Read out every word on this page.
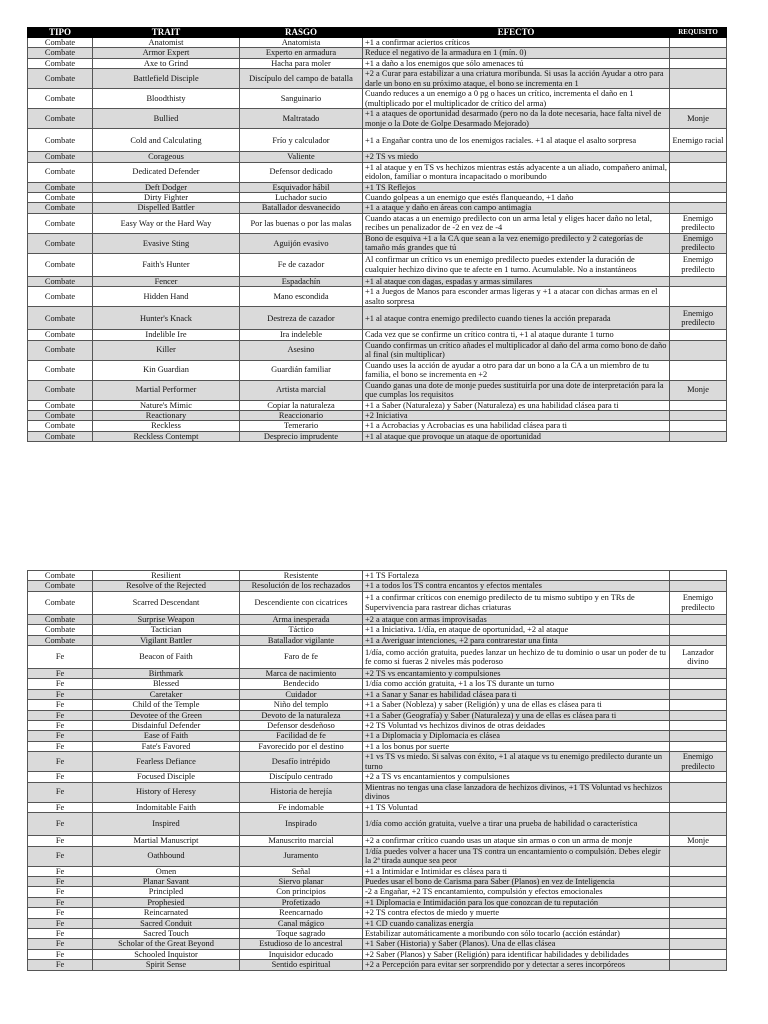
TIPO	TRAIT	RASGO	EFECTO	REQUISITO
Combate	Anatomist	Anatomista	+1 a confirmar aciertos críticos	
Combate	Armor Expert	Experto en armadura	Reduce el negativo de la armadura en 1 (mín. 0)	
Combate	Axe to Grind	Hacha para moler	+1 a daño a los enemigos que sólo amenaces tú	
Combate	Battlefield Disciple	Discípulo del campo de batalla	+2 a Curar para estabilizar a una criatura moribunda. Si usas la acción Ayudar a otro para darle un bono en su próximo ataque, el bono se incrementa en 1	
Combate	Bloodthisty	Sanguinario	Cuando reduces a un enemigo a 0 pg o haces un crítico, incrementa el daño en 1 (multiplicado por el multiplicador de crítico del arma)	
Combate	Bullied	Maltratado	+1 a ataques de oportunidad desarmado (pero no da la dote necesaria, hace falta nivel de monje o la Dote de Golpe Desarmado Mejorado)	Monje
Combate	Cold and Calculating	Frío y calculador	+1 a Engañar contra uno de los enemigos raciales. +1 al ataque el asalto sorpresa	Enemigo racial
Combate	Corageous	Valiente	+2 TS vs miedo	
Combate	Dedicated Defender	Defensor dedicado	+1 al ataque y en TS vs hechizos mientras estás adyacente a un aliado, compañero animal, eidolon, familiar o montura incapacitado o moribundo	
Combate	Deft Dodger	Esquivador hábil	+1 TS Reflejos	
Combate	Dirty Fighter	Luchador sucio	Cuando golpeas a un enemigo que estés flanqueando, +1 daño	
Combate	Dispelled Battler	Batallador desvanecido	+1 a ataque y daño en áreas con campo antimagia	
Combate	Easy Way or the Hard Way	Por las buenas o por las malas	Cuando atacas a un enemigo predilecto con un arma letal y eliges hacer daño no letal, recibes un penalizador de -2 en vez de -4	Enemigo predilecto
Combate	Evasive Sting	Aguijón evasivo	Bono de esquiva +1 a la CA que sean a la vez enemigo predilecto y 2 categorías de tamaño más grandes que tú	Enemigo predilecto
Combate	Faith's Hunter	Fe de cazador	Al confirmar un crítico vs un enemigo predilecto puedes extender la duración de cualquier hechizo divino que te afecte en 1 turno. Acumulable. No a instantáneos	Enemigo predilecto
Combate	Fencer	Espadachín	+1 al ataque con dagas, espadas y armas similares	
Combate	Hidden Hand	Mano escondida	+1 a Juegos de Manos para esconder armas ligeras y +1 a atacar con dichas armas en el asalto sorpresa	
Combate	Hunter's Knack	Destreza de cazador	+1 al ataque contra enemigo predilecto cuando tienes la acción preparada	Enemigo predilecto
Combate	Indelible Ire	Ira indeleble	Cada vez que se confirme un crítico contra ti, +1 al ataque durante 1 turno	
Combate	Killer	Asesino	Cuando confirmas un crítico añades el multiplicador al daño del arma como bono de daño al final (sin multiplicar)	
Combate	Kin Guardian	Guardián familiar	Cuando uses la acción de ayudar a otro para dar un bono a la CA a un miembro de tu familia, el bono se incrementa en +2	
Combate	Martial Performer	Artista marcial	Cuando ganas una dote de monje puedes sustituirla por una dote de interpretación para la que cumplas los requisitos	Monje
Combate	Nature's Mimic	Copiar la naturaleza	+1 a Saber (Naturaleza) y Saber (Naturaleza) es una habilidad clásea para ti	
Combate	Reactionary	Reaccionario	+2 Iniciativa	
Combate	Reckless	Temerario	+1 a Acrobacias y Acrobacias es una habilidad clásea para ti	
Combate	Reckless Contempt	Desprecio imprudente	+1 al ataque que provoque un ataque de oportunidad	
Combate	Resilient	Resistente	+1 TS Fortaleza	
Combate	Resolve of the Rejected	Resolución de los rechazados	+1 a todos los TS contra encantos y efectos mentales	
Combate	Scarred Descendant	Descendiente con cicatrices	+1 a confirmar críticos con enemigo predilecto de tu mismo subtipo y en TRs de Supervivencia para rastrear dichas criaturas	Enemigo predilecto
Combate	Surprise Weapon	Arma inesperada	+2 a ataque con armas improvisadas	
Combate	Tactician	Táctico	+1 a Iniciativa. 1/día, en ataque de oportunidad, +2 al ataque	
Combate	Vigilant Battler	Batallador vigilante	+1 a Averiguar intenciones, +2 para contrarestar una finta	
Fe	Beacon of Faith	Faro de fe	1/día, como acción gratuita, puedes lanzar un hechizo de tu dominio o usar un poder de tu fe como si fueras 2 niveles más poderoso	Lanzador divino
Fe	Birthmark	Marca de nacimiento	+2 TS vs encantamiento y compulsiones	
Fe	Blessed	Bendecido	1/día como acción gratuita, +1 a los TS durante un turno	
Fe	Caretaker	Cuidador	+1 a Sanar y Sanar es habilidad clásea para ti	
Fe	Child of the Temple	Niño del templo	+1 a Saber (Nobleza) y saber (Religión) y una de ellas es clásea para ti	
Fe	Devotee of the Green	Devoto de la naturaleza	+1 a Saber (Geografía) y Saber (Naturaleza) y una de ellas es clásea para ti	
Fe	Disdainful Defender	Defensor desdeñoso	+2 TS Voluntad vs hechizos divinos de otras deidades	
Fe	Ease of Faith	Facilidad de fe	+1 a Diplomacia y Diplomacia es clásea	
Fe	Fate's Favored	Favorecido por el destino	+1 a los bonus por suerte	
Fe	Fearless Defiance	Desafío intrépido	+1 vs TS vs miedo. Si salvas con éxito, +1 al ataque vs tu enemigo predilecto durante un turno	Enemigo predilecto
Fe	Focused Disciple	Discípulo centrado	+2 a TS vs encantamientos y compulsiones	
Fe	History of Heresy	Historia de herejía	Mientras no tengas una clase lanzadora de hechizos divinos, +1 TS Voluntad vs hechizos divinos	
Fe	Indomitable Faith	Fe indomable	+1 TS Voluntad	
Fe	Inspired	Inspirado	1/día como acción gratuita, vuelve a tirar una prueba de habilidad o característica	
Fe	Martial Manuscript	Manuscrito marcial	+2 a confirmar crítico cuando usas un ataque sin armas o con un arma de monje	Monje
Fe	Oathbound	Juramento	1/día puedes volver a hacer una TS contra un encantamiento o compulsión. Debes elegir la 2ª tirada aunque sea peor	
Fe	Omen	Señal	+1 a Intimidar e Intimidar es clásea para ti	
Fe	Planar Savant	Siervo planar	Puedes usar el bono de Carisma para Saber (Planos) en vez de Inteligencia	
Fe	Principled	Con principios	-2 a Engañar, +2 TS encantamiento, compulsión y efectos emocionales	
Fe	Prophesied	Profetizado	+1 Diplomacia e Intimidación para los que conozcan de tu reputación	
Fe	Reincarnated	Reencarnado	+2 TS contra efectos de miedo y muerte	
Fe	Sacred Conduit	Canal mágico	+1 CD cuando canalizas energía	
Fe	Sacred Touch	Toque sagrado	Estabilizar automáticamente a moribundo con sólo tocarlo (acción estándar)	
Fe	Scholar of the Great Beyond	Estudioso de lo ancestral	+1 Saber (Historia) y Saber (Planos). Una de ellas clásea	
Fe	Schooled Inquistor	Inquisidor educado	+2 Saber (Planos) y Saber (Religión) para identificar habilidades y debilidades	
Fe	Spirit Sense	Sentido espiritual	+2 a Percepción para evitar ser sorprendido por y detectar a seres incorpóreos	
